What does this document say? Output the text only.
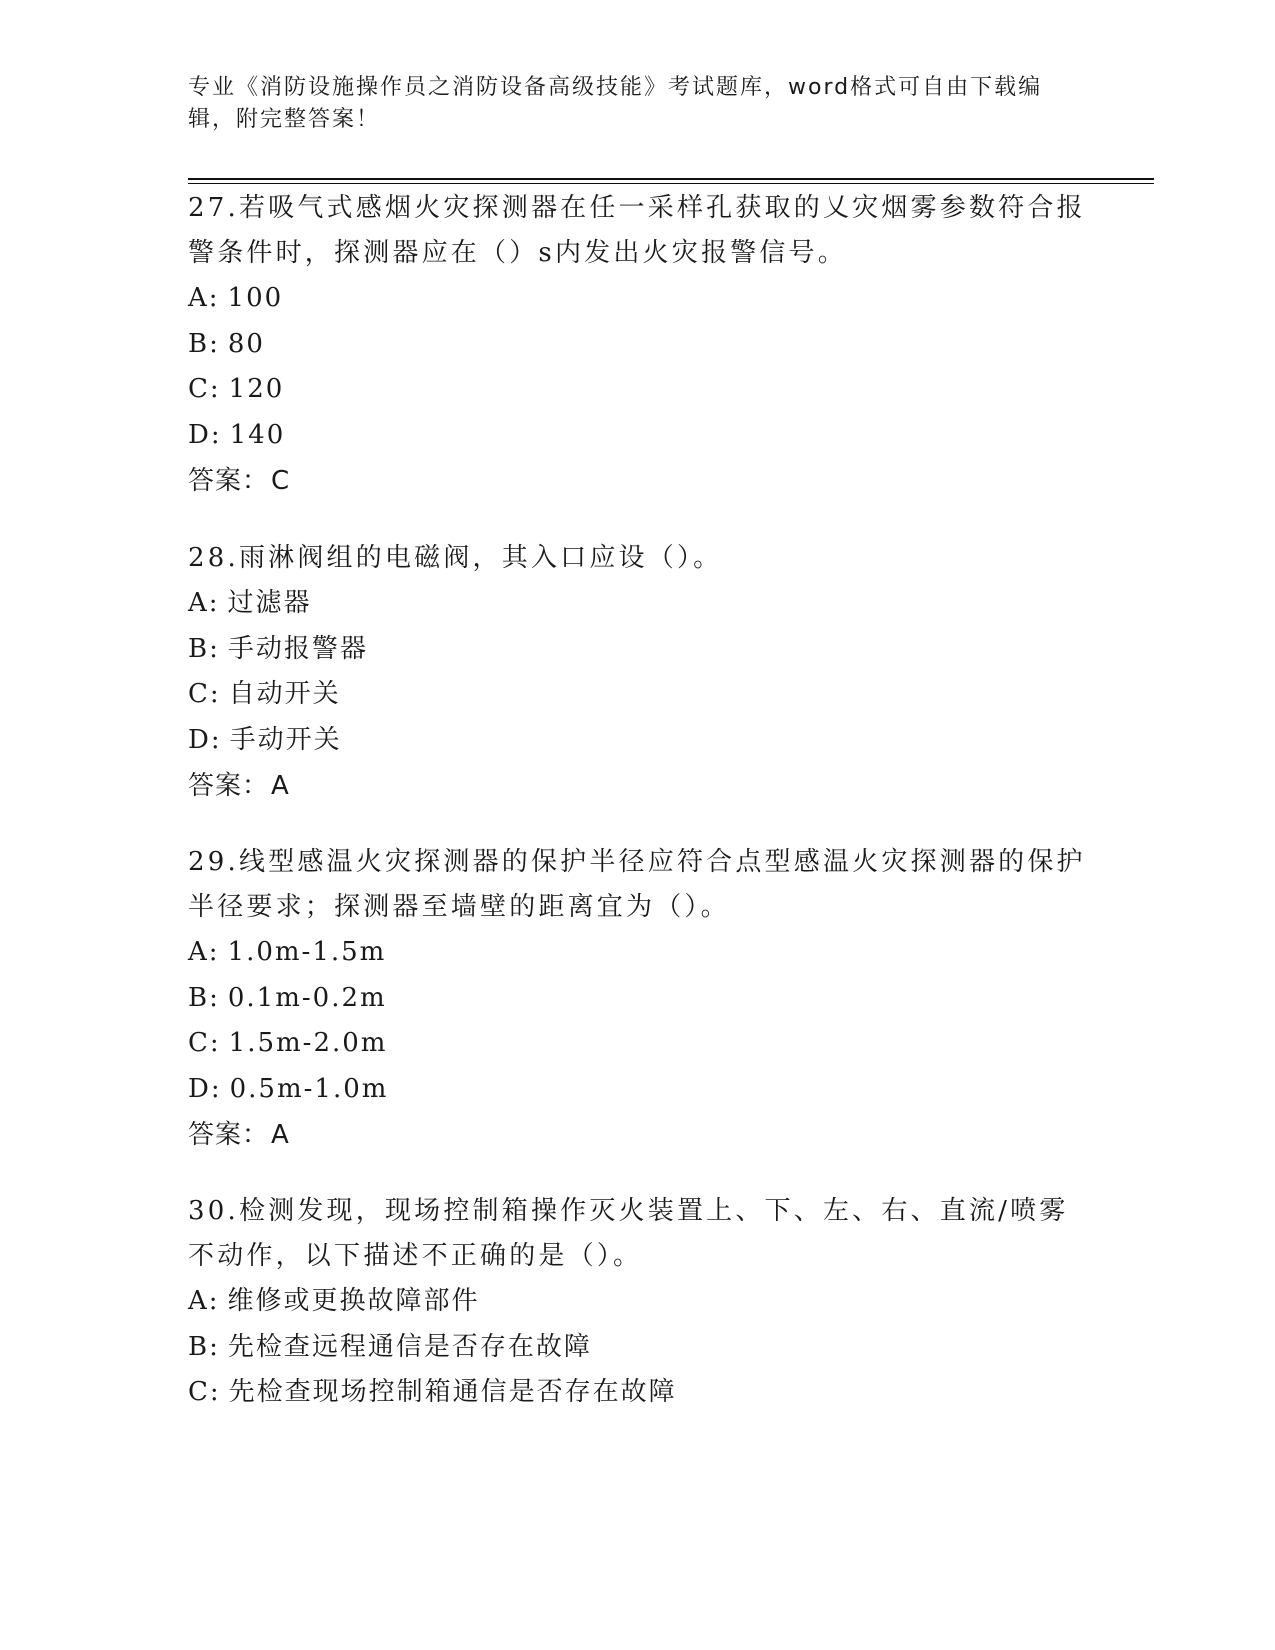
专业《消防设施操作员之消防设备高级技能》考试题库，word格式可自由下载编辑，附完整答案！
27.若吸气式感烟火灾探测器在任一采样孔获取的乂灾烟雾参数符合报警条件时，探测器应在（）s内发出火灾报警信号。
A: 100
B: 80
C: 120
D: 140
答案：C
28.雨淋阀组的电磁阀，其入口应设（）。
A: 过滤器
B: 手动报警器
C: 自动开关
D: 手动开关
答案：A
29.线型感温火灾探测器的保护半径应符合点型感温火灾探测器的保护半径要求；探测器至墙壁的距离宜为（）。
A: 1.0m-1.5m
B: 0.1m-0.2m
C: 1.5m-2.0m
D: 0.5m-1.0m
答案：A
30.检测发现，现场控制箱操作灭火装置上、下、左、右、直流/喷雾不动作，以下描述不正确的是（）。
A: 维修或更换故障部件
B: 先检查远程通信是否存在故障
C: 先检查现场控制箱通信是否存在故障
